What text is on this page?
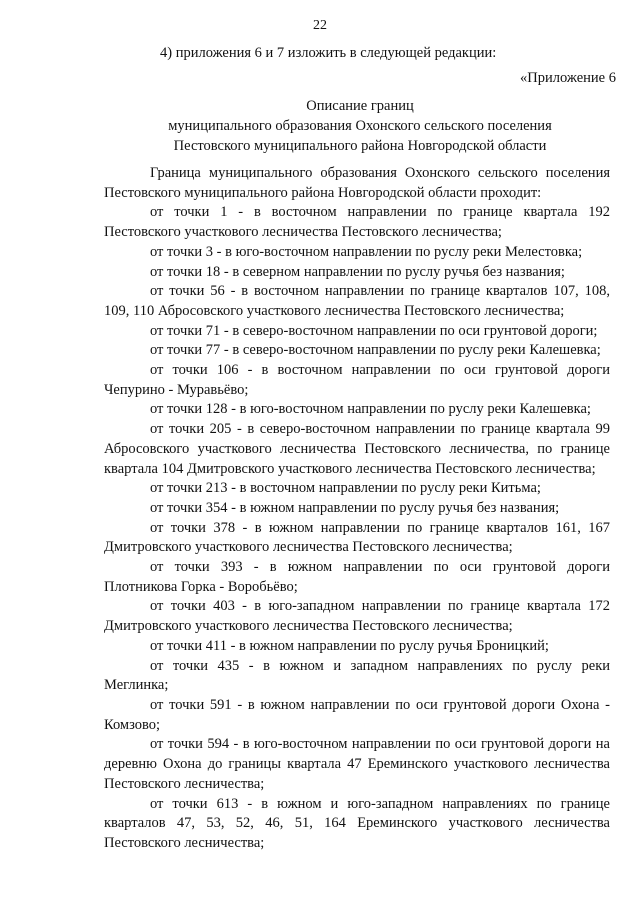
22
4) приложения 6 и 7 изложить в следующей редакции:
«Приложение 6
Описание границ
муниципального образования Охонского сельского поселения
Пестовского муниципального района Новгородской области

Граница муниципального образования Охонского сельского поселения Пестовского муниципального района Новгородской области проходит:

от точки 1 - в восточном направлении по границе квартала 192 Пестовского участкового лесничества Пестовского лесничества;

от точки 3 - в юго-восточном направлении по руслу реки Мелестовка;

от точки 18 - в северном направлении по руслу ручья без названия;

от точки 56 - в восточном направлении по границе кварталов 107, 108, 109, 110 Абросовского участкового лесничества Пестовского лесничества;

от точки 71 - в северо-восточном направлении по оси грунтовой дороги;

от точки 77 - в северо-восточном направлении по руслу реки Калешевка;

от точки 106 - в восточном направлении по оси грунтовой дороги Чепурино - Муравьёво;

от точки 128 - в юго-восточном направлении по руслу реки Калешевка;

от точки 205 - в северо-восточном направлении по границе квартала 99 Абросовского участкового лесничества Пестовского лесничества, по границе квартала 104 Дмитровского участкового лесничества Пестовского лесничества;

от точки 213 - в восточном направлении по руслу реки Китьма;

от точки 354 - в южном направлении по руслу ручья без названия;

от точки 378 - в южном направлении по границе кварталов 161, 167 Дмитровского участкового лесничества Пестовского лесничества;

от точки 393 - в южном направлении по оси грунтовой дороги Плотникова Горка - Воробьёво;

от точки 403 - в юго-западном направлении по границе квартала 172 Дмитровского участкового лесничества Пестовского лесничества;

от точки 411 - в южном направлении по руслу ручья Броницкий;

от точки 435 - в южном и западном направлениях по руслу реки Меглинка;

от точки 591 - в южном направлении по оси грунтовой дороги Охона - Комзово;

от точки 594 - в юго-восточном направлении по оси грунтовой дороги на деревню Охона до границы квартала 47 Ереминского участкового лесничества Пестовского лесничества;

от точки 613 - в южном и юго-западном направлениях по границе кварталов 47, 53, 52, 46, 51, 164 Ереминского участкового лесничества Пестовского лесничества;
